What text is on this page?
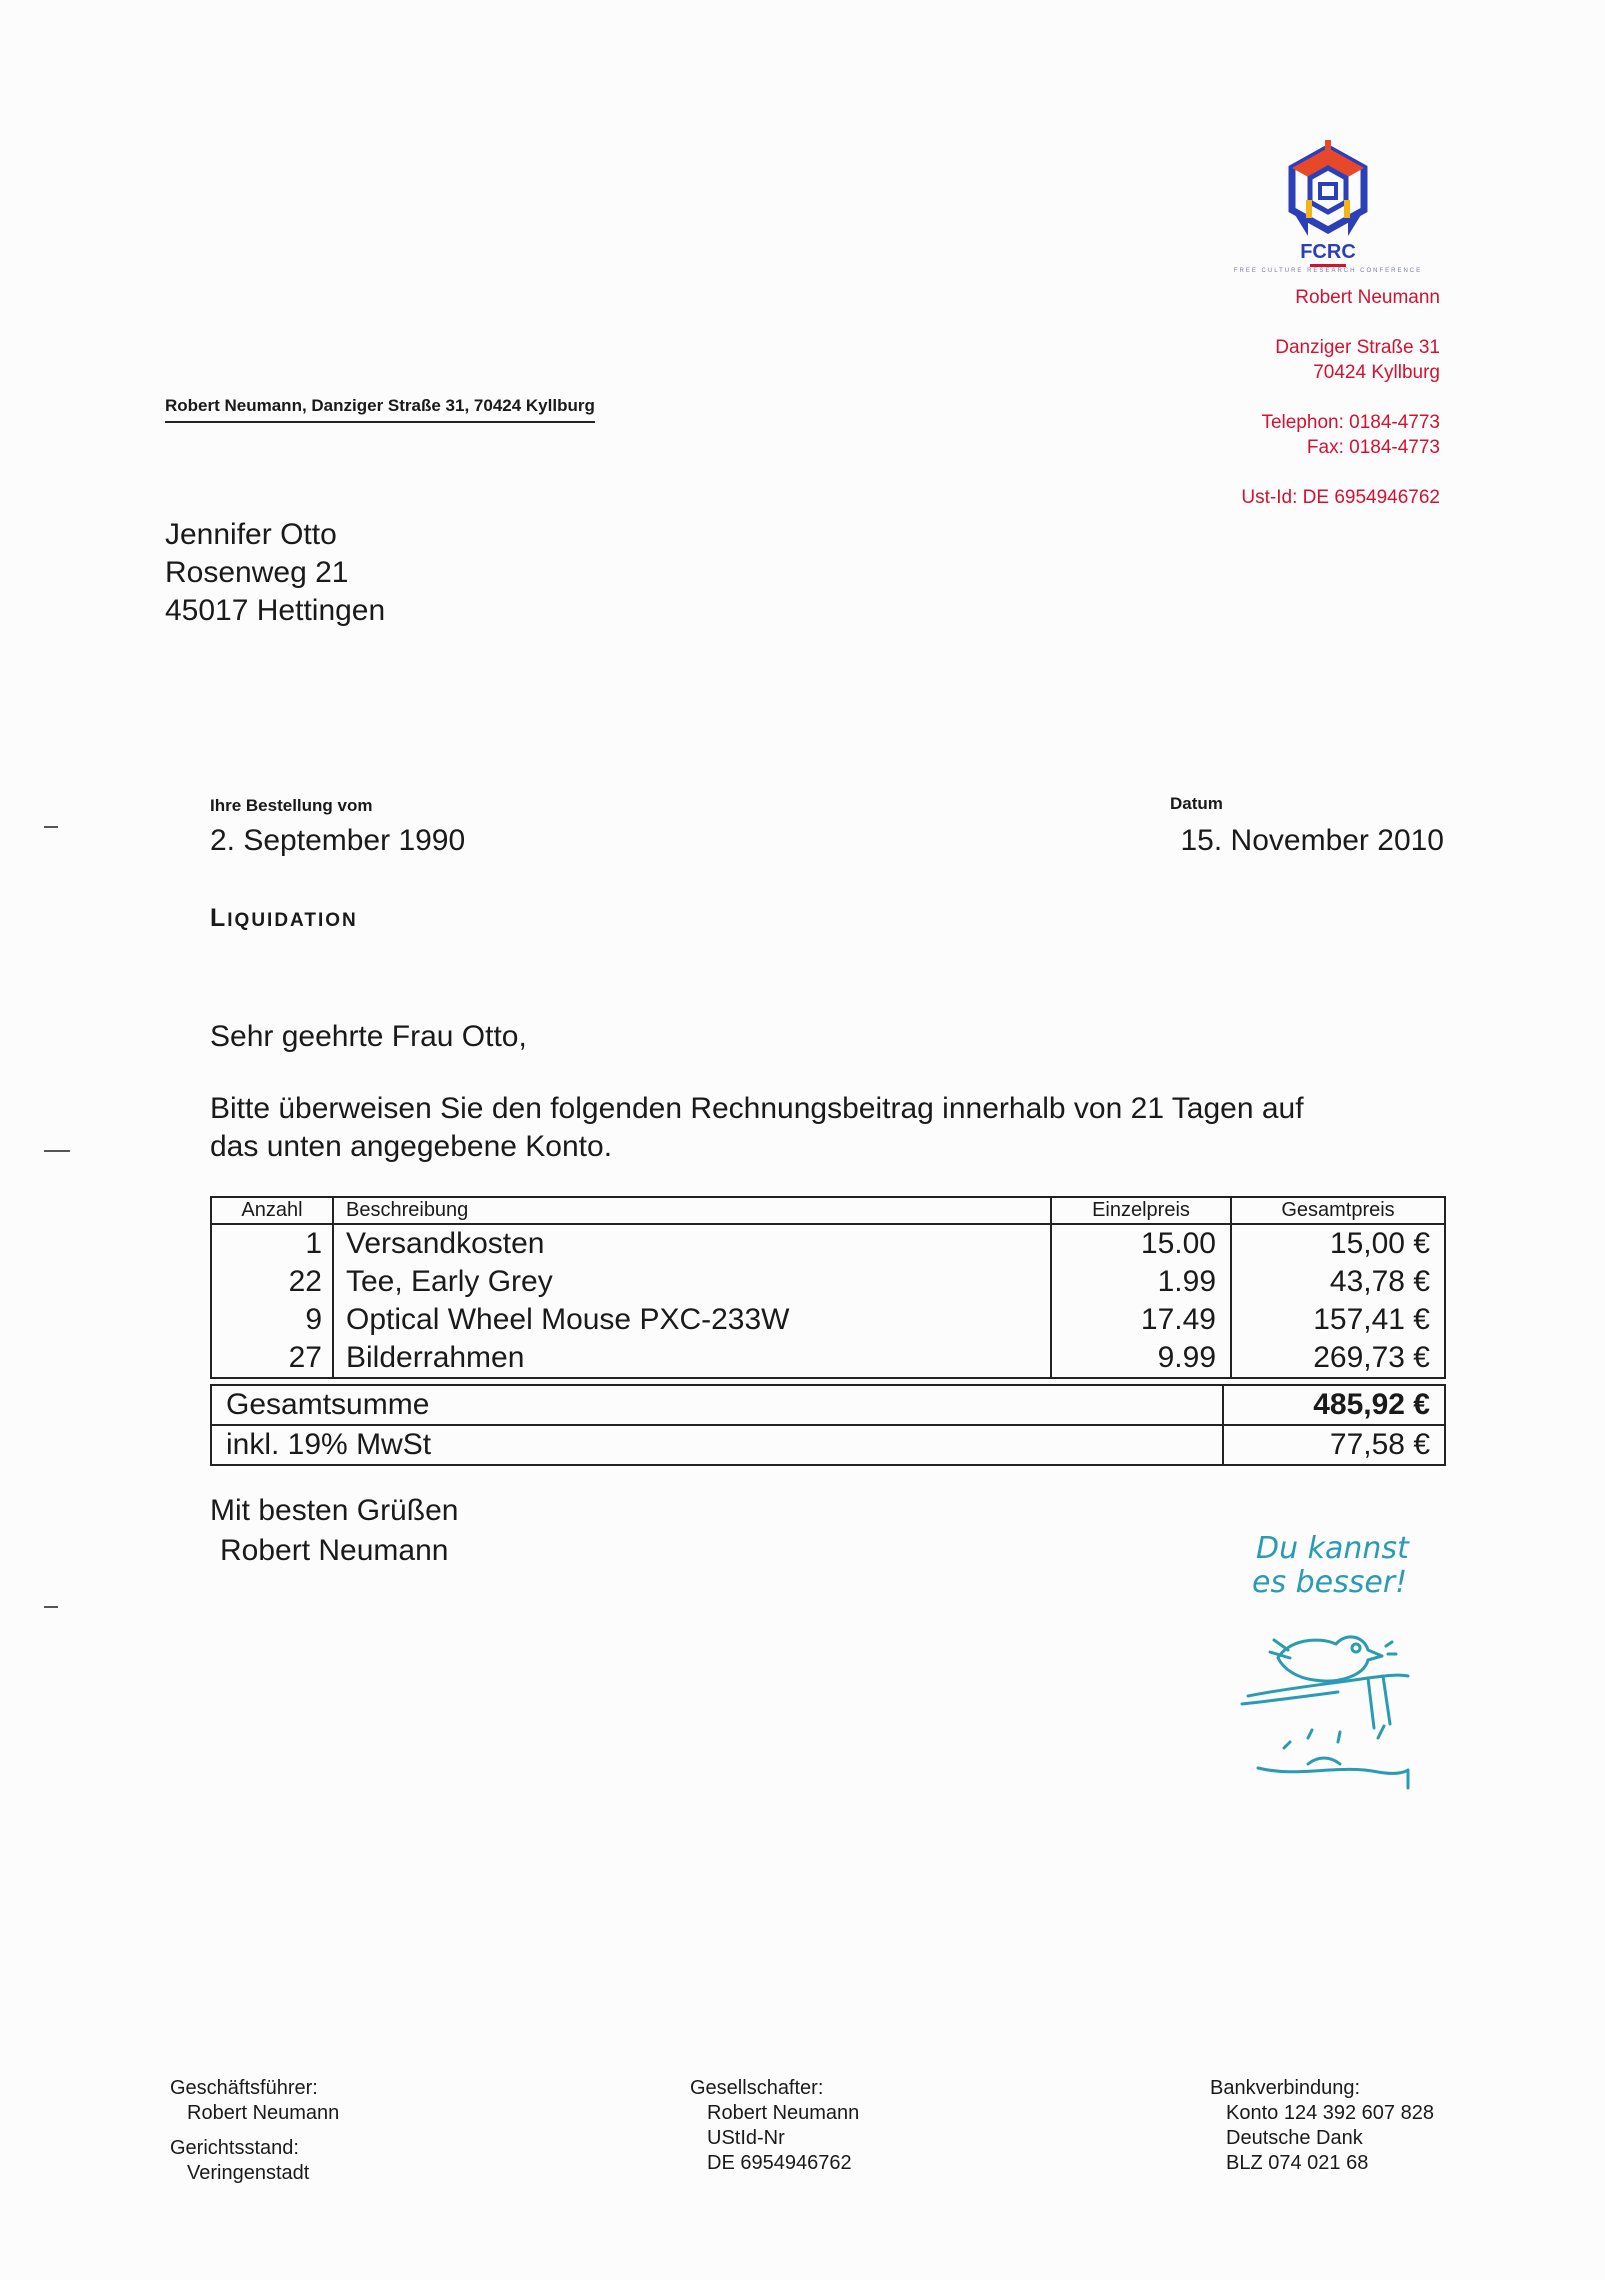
FCRC
FREE CULTURE RESEARCH CONFERENCE
Robert Neumann
Danziger Straße 31
70424 Kyllburg
Telephon: 0184-4773
Fax: 0184-4773
Ust-Id: DE 6954946762
Robert Neumann, Danziger Straße 31, 70424 Kyllburg
Jennifer Otto
Rosenweg 21
45017 Hettingen
Ihre Bestellung vom
2. September 1990
Datum
15. November 2010
LIQUIDATION
Sehr geehrte Frau Otto,
Bitte überweisen Sie den folgenden Rechnungsbeitrag innerhalb von 21 Tagen auf
das unten angegebene Konto.
Anzahl	Beschreibung	Einzelpreis	Gesamtpreis
1 Versandkosten	15.00	15,00 €
22 Tee, Early Grey	1.99	43,78 €
9 Optical Wheel Mouse PXC-233W	17.49	157,41 €
27 Bilderrahmen	9.99	269,73 €
Gesamtsumme	485,92 €
inkl. 19% MwSt	77,58 €
Mit besten Grüßen
Robert Neumann	Du kannst
es besser!
Geschäftsführer:
Robert Neumann
Gerichtsstand:
Veringenstadt
Gesellschafter:
Robert Neumann
UStId-Nr
DE 6954946762
Bankverbindung:
Konto 124 392 607 828
Deutsche Dank
BLZ 074 021 68
